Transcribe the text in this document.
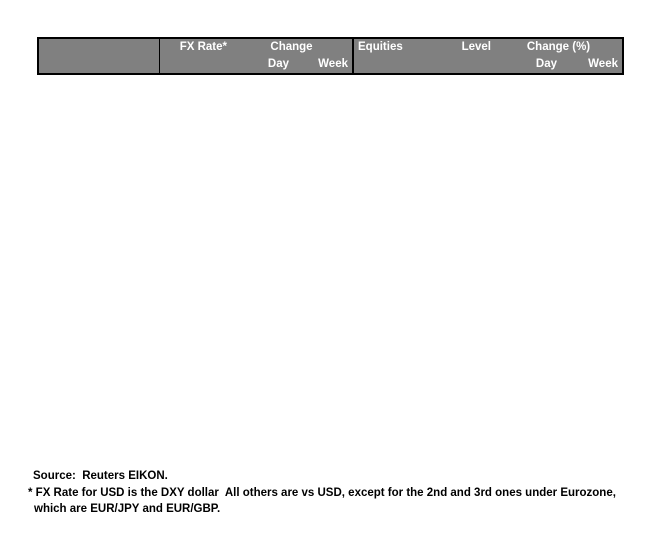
	FX Rate*	Change		Equities	Level	Change (%)	
		Day	Week			Day	Week
Source:  Reuters EIKON.
* FX Rate for USD is the DXY dollar  All others are vs USD, except for the 2nd and 3rd ones under Eurozone,
which are EUR/JPY and EUR/GBP.
